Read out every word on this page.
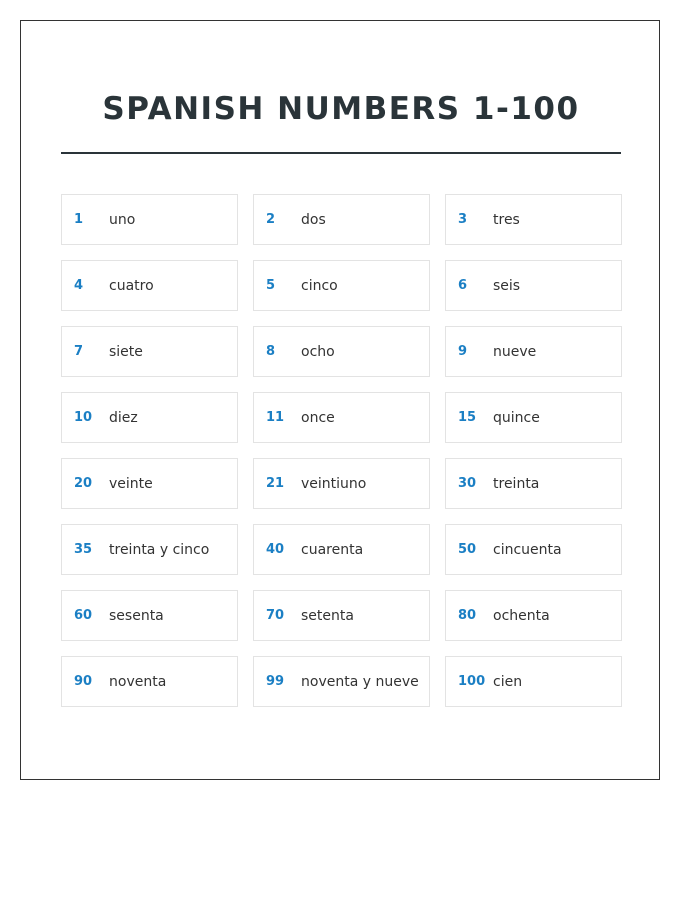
SPANISH NUMBERS 1-100
1	uno	2	dos	3	tres
4	cuatro	5	cinco	6	seis
7	siete	8	ocho	9	nueve
10	diez	11	once	15	quince
20	veinte	21	veintiuno	30	treinta
35	treinta y cinco	40	cuarenta	50	cincuenta
60	sesenta	70	setenta	80	ochenta
90	noventa	99	noventa y nueve	100 cien
